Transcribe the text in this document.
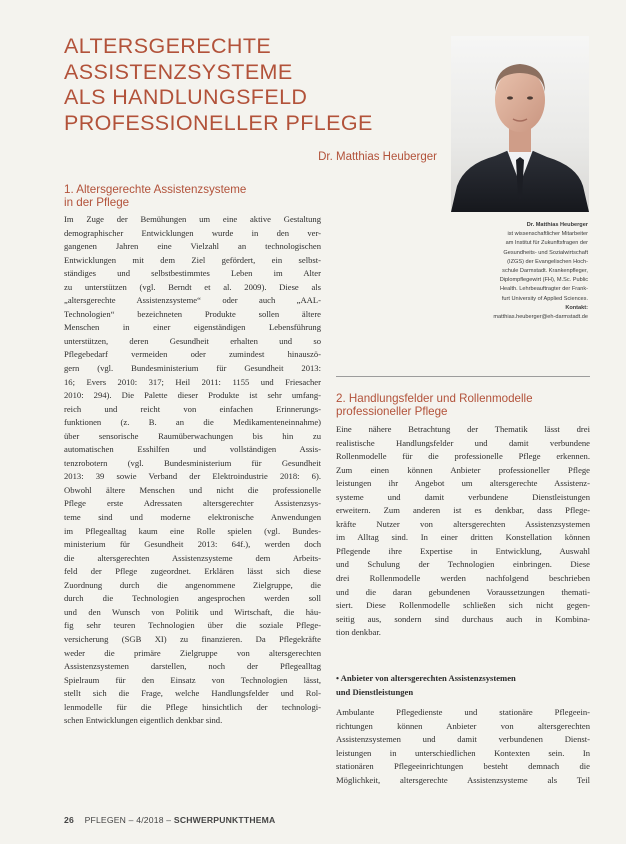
ALTERSGERECHTE
ASSISTENZSYSTEME
ALS HANDLUNGSFELD
PROFESSIONELLER PFLEGE
Dr. Matthias Heuberger
Dr. Matthias Heuberger
ist wissenschaftlicher Mitarbeiter
am Institut für Zukunftsfragen der
Gesundheits- und Sozialwirtschaft
(IZGS) der Evangelischen Hoch-
schule Darmstadt. Krankenpfleger,
Diplompflegewirt (FH), M.Sc. Public
Health. Lehrbeauftragter der Frank-
furt University of Applied Sciences.
Kontakt:
matthias.heuberger@eh-darmstadt.de
1. Altersgerechte Assistenzsysteme
in der Pflege
Im Zuge der Bemühungen um eine aktive Gestaltung
demographischer Entwicklungen wurde in den ver-
gangenen Jahren eine Vielzahl an technologischen
Entwicklungen mit dem Ziel gefördert, ein selbst-
ständiges und selbstbestimmtes Leben im Alter
zu unterstützen (vgl. Berndt et al. 2009). Diese als
„altersgerechte Assistenzsysteme“ oder auch „AAL-
Technologien“ bezeichneten Produkte sollen ältere
Menschen in einer eigenständigen Lebensführung
unterstützen, deren Gesundheit erhalten und so
Pflegebedarf vermeiden oder zumindest hinauszö-
gern (vgl. Bundesministerium für Gesundheit 2013:
16; Evers 2010: 317; Heil 2011: 1155 und Friesacher
2010: 294). Die Palette dieser Produkte ist sehr umfang-
reich und reicht von einfachen Erinnerungs-
funktionen (z. B. an die Medikamenteneinnahme)
über sensorische Raumüberwachungen bis hin zu
automatischen Esshilfen und vollständigen Assis-
tenzrobotern (vgl. Bundesministerium für Gesundheit
2013: 39 sowie Verband der Elektroindustrie 2018: 6).
Obwohl ältere Menschen und nicht die professionelle
Pflege erste Adressaten altersgerechter Assistenzsys-
teme sind und moderne elektronische Anwendungen
im Pflegealltag kaum eine Rolle spielen (vgl. Bundes-
ministerium für Gesundheit 2013: 64f.), werden doch
die altersgerechten Assistenzsysteme dem Arbeits-
feld der Pflege zugeordnet. Erklären lässt sich diese
Zuordnung durch die angenommene Zielgruppe, die
durch die Technologien angesprochen werden soll
und den Wunsch von Politik und Wirtschaft, die häu-
fig sehr teuren Technologien über die soziale Pflege-
versicherung (SGB XI) zu finanzieren. Da Pflegekräfte
weder die primäre Zielgruppe von altersgerechten
Assistenzsystemen darstellen, noch der Pflegealltag
Spielraum für den Einsatz von Technologien lässt,
stellt sich die Frage, welche Handlungsfelder und Rol-
lenmodelle für die Pflege hinsichtlich der technologi-
schen Entwicklungen eigentlich denkbar sind.
2. Handlungsfelder und Rollenmodelle
professioneller Pflege
Eine nähere Betrachtung der Thematik lässt drei
realistische Handlungsfelder und damit verbundene
Rollenmodelle für die professionelle Pflege erkennen.
Zum einen können Anbieter professioneller Pflege
leistungen ihr Angebot um altersgerechte Assistenz-
systeme und damit verbundene Dienstleistungen
erweitern. Zum anderen ist es denkbar, dass Pflege-
kräfte Nutzer von altersgerechten Assistenzsystemen
im Alltag sind. In einer dritten Konstellation können
Pflegende ihre Expertise in Entwicklung, Auswahl
und Schulung der Technologien einbringen. Diese
drei Rollenmodelle werden nachfolgend beschrieben
und die daran gebundenen Voraussetzungen themati-
siert. Diese Rollenmodelle schließen sich nicht gegen-
seitig aus, sondern sind durchaus auch in Kombina-
tion denkbar.
• Anbieter von altersgerechten Assistenzsystemen
und Dienstleistungen
Ambulante Pflegedienste und stationäre Pflegeein-
richtungen können Anbieter von altersgerechten
Assistenzsystemen und damit verbundenen Dienst-
leistungen in unterschiedlichen Kontexten sein. In
stationären Pflegeeinrichtungen besteht demnach die
Möglichkeit, altersgerechte Assistenzsysteme als Teil
26 PFLEGEN – 4/2018 – SCHWERPUNKTTHEMA
